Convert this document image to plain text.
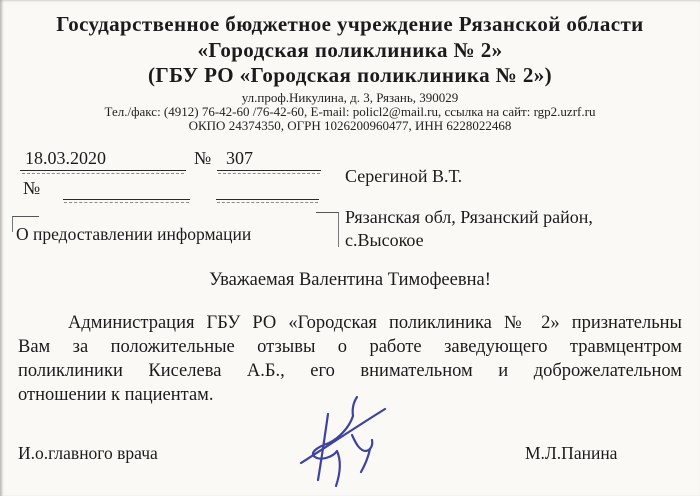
Государственное бюджетное учреждение Рязанской области
«Городская поликлиника № 2»
(ГБУ РО «Городская поликлиника № 2»)
ул.проф.Никулина, д. 3, Рязань, 390029
Тел./факс: (4912) 76-42-60 /76-42-60, E-mail: policl2@mail.ru, ссылка на сайт: rgp2.uzrf.ru
ОКПО 24374350, ОГРН 1026200960477, ИНН 6228022468
18.03.2020	№ 307
№
Серегиной В.Т.
Рязанская обл, Рязанский район,
с.Высокое
О предоставлении информации
Уважаемая Валентина Тимофеевна!
Администрация ГБУ РО «Городская поликлиника № 2» признательны
Вам за положительные отзывы о работе заведующего травмцентром
поликлиники Киселева А.Б., его внимательном и доброжелательном
отношении к пациентам.
И.о.главного врача	М.Л.Панина
